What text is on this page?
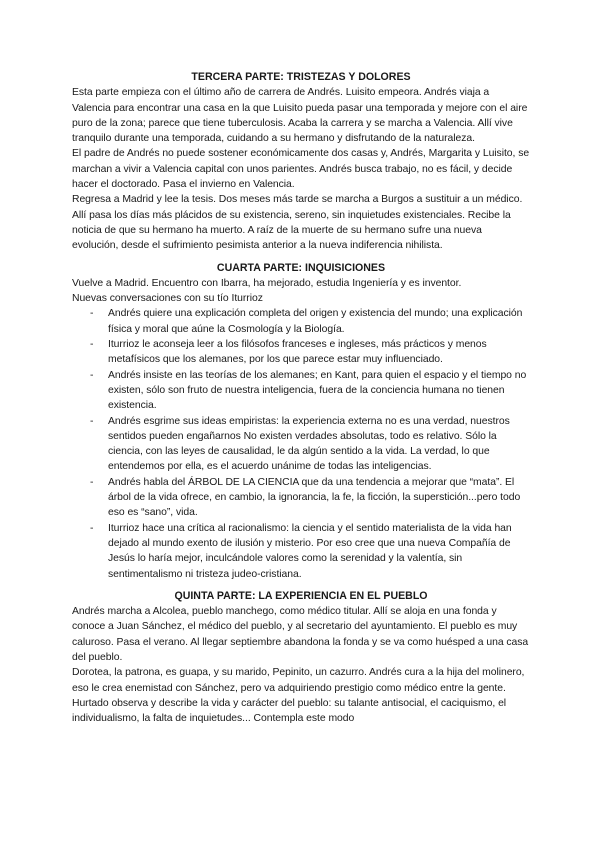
TERCERA PARTE: TRISTEZAS Y DOLORES

Esta parte empieza con el último año de carrera de Andrés. Luisito empeora. Andrés viaja a Valencia para encontrar una casa en la que Luisito pueda pasar una temporada y mejore con el aire puro de la zona; parece que tiene tuberculosis. Acaba la carrera y se marcha a Valencia. Allí vive tranquilo durante una temporada, cuidando a su hermano y disfrutando de la naturaleza.

El padre de Andrés no puede sostener económicamente dos casas y, Andrés, Margarita y Luisito, se marchan a vivir a Valencia capital con unos parientes. Andrés busca trabajo, no es fácil, y decide hacer el doctorado. Pasa el invierno en Valencia.

Regresa a Madrid y lee la tesis. Dos meses más tarde se marcha a Burgos a sustituir a un médico. Allí pasa los días más plácidos de su existencia, sereno, sin inquietudes existenciales. Recibe la noticia de que su hermano ha muerto. A raíz de la muerte de su hermano sufre una nueva evolución, desde el sufrimiento pesimista anterior a la nueva indiferencia nihilista.

CUARTA PARTE: INQUISICIONES

Vuelve a Madrid. Encuentro con Ibarra, ha mejorado, estudia Ingeniería y es inventor.

Nuevas conversaciones con su tío Iturrioz

- Andrés quiere una explicación completa del origen y existencia del mundo; una explicación física y moral que aúne la Cosmología y la Biología.
- Iturrioz le aconseja leer a los filósofos franceses e ingleses, más prácticos y menos metafísicos que los alemanes, por los que parece estar muy influenciado.
- Andrés insiste en las teorías de los alemanes; en Kant, para quien el espacio y el tiempo no existen, sólo son fruto de nuestra inteligencia, fuera de la conciencia humana no tienen existencia.
- Andrés esgrime sus ideas empiristas: la experiencia externa no es una verdad, nuestros sentidos pueden engañarnos No existen verdades absolutas, todo es relativo. Sólo la ciencia, con las leyes de causalidad, le da algún sentido a la vida. La verdad, lo que entendemos por ella, es el acuerdo unánime de todas las inteligencias.
- Andrés habla del ÁRBOL DE LA CIENCIA que da una tendencia a mejorar que “mata”. El árbol de la vida ofrece, en cambio, la ignorancia, la fe, la ficción, la superstición...pero todo eso es “sano”, vida.
- Iturrioz hace una crítica al racionalismo: la ciencia y el sentido materialista de la vida han dejado al mundo exento de ilusión y misterio. Por eso cree que una nueva Compañía de Jesús lo haría mejor, inculcándole valores como la serenidad y la valentía, sin sentimentalismo ni tristeza judeo-cristiana.
QUINTA PARTE: LA EXPERIENCIA EN EL PUEBLO

Andrés marcha a Alcolea, pueblo manchego, como médico titular. Allí se aloja en una fonda y conoce a Juan Sánchez, el médico del pueblo, y al secretario del ayuntamiento. El pueblo es muy caluroso. Pasa el verano. Al llegar septiembre abandona la fonda y se va como huésped a una casa del pueblo.

Dorotea, la patrona, es guapa, y su marido, Pepinito, un cazurro. Andrés cura a la hija del molinero, eso le crea enemistad con Sánchez, pero va adquiriendo prestigio como médico entre la gente. Hurtado observa y describe la vida y carácter del pueblo: su talante antisocial, el caciquismo, el individualismo, la falta de inquietudes... Contempla este modo
